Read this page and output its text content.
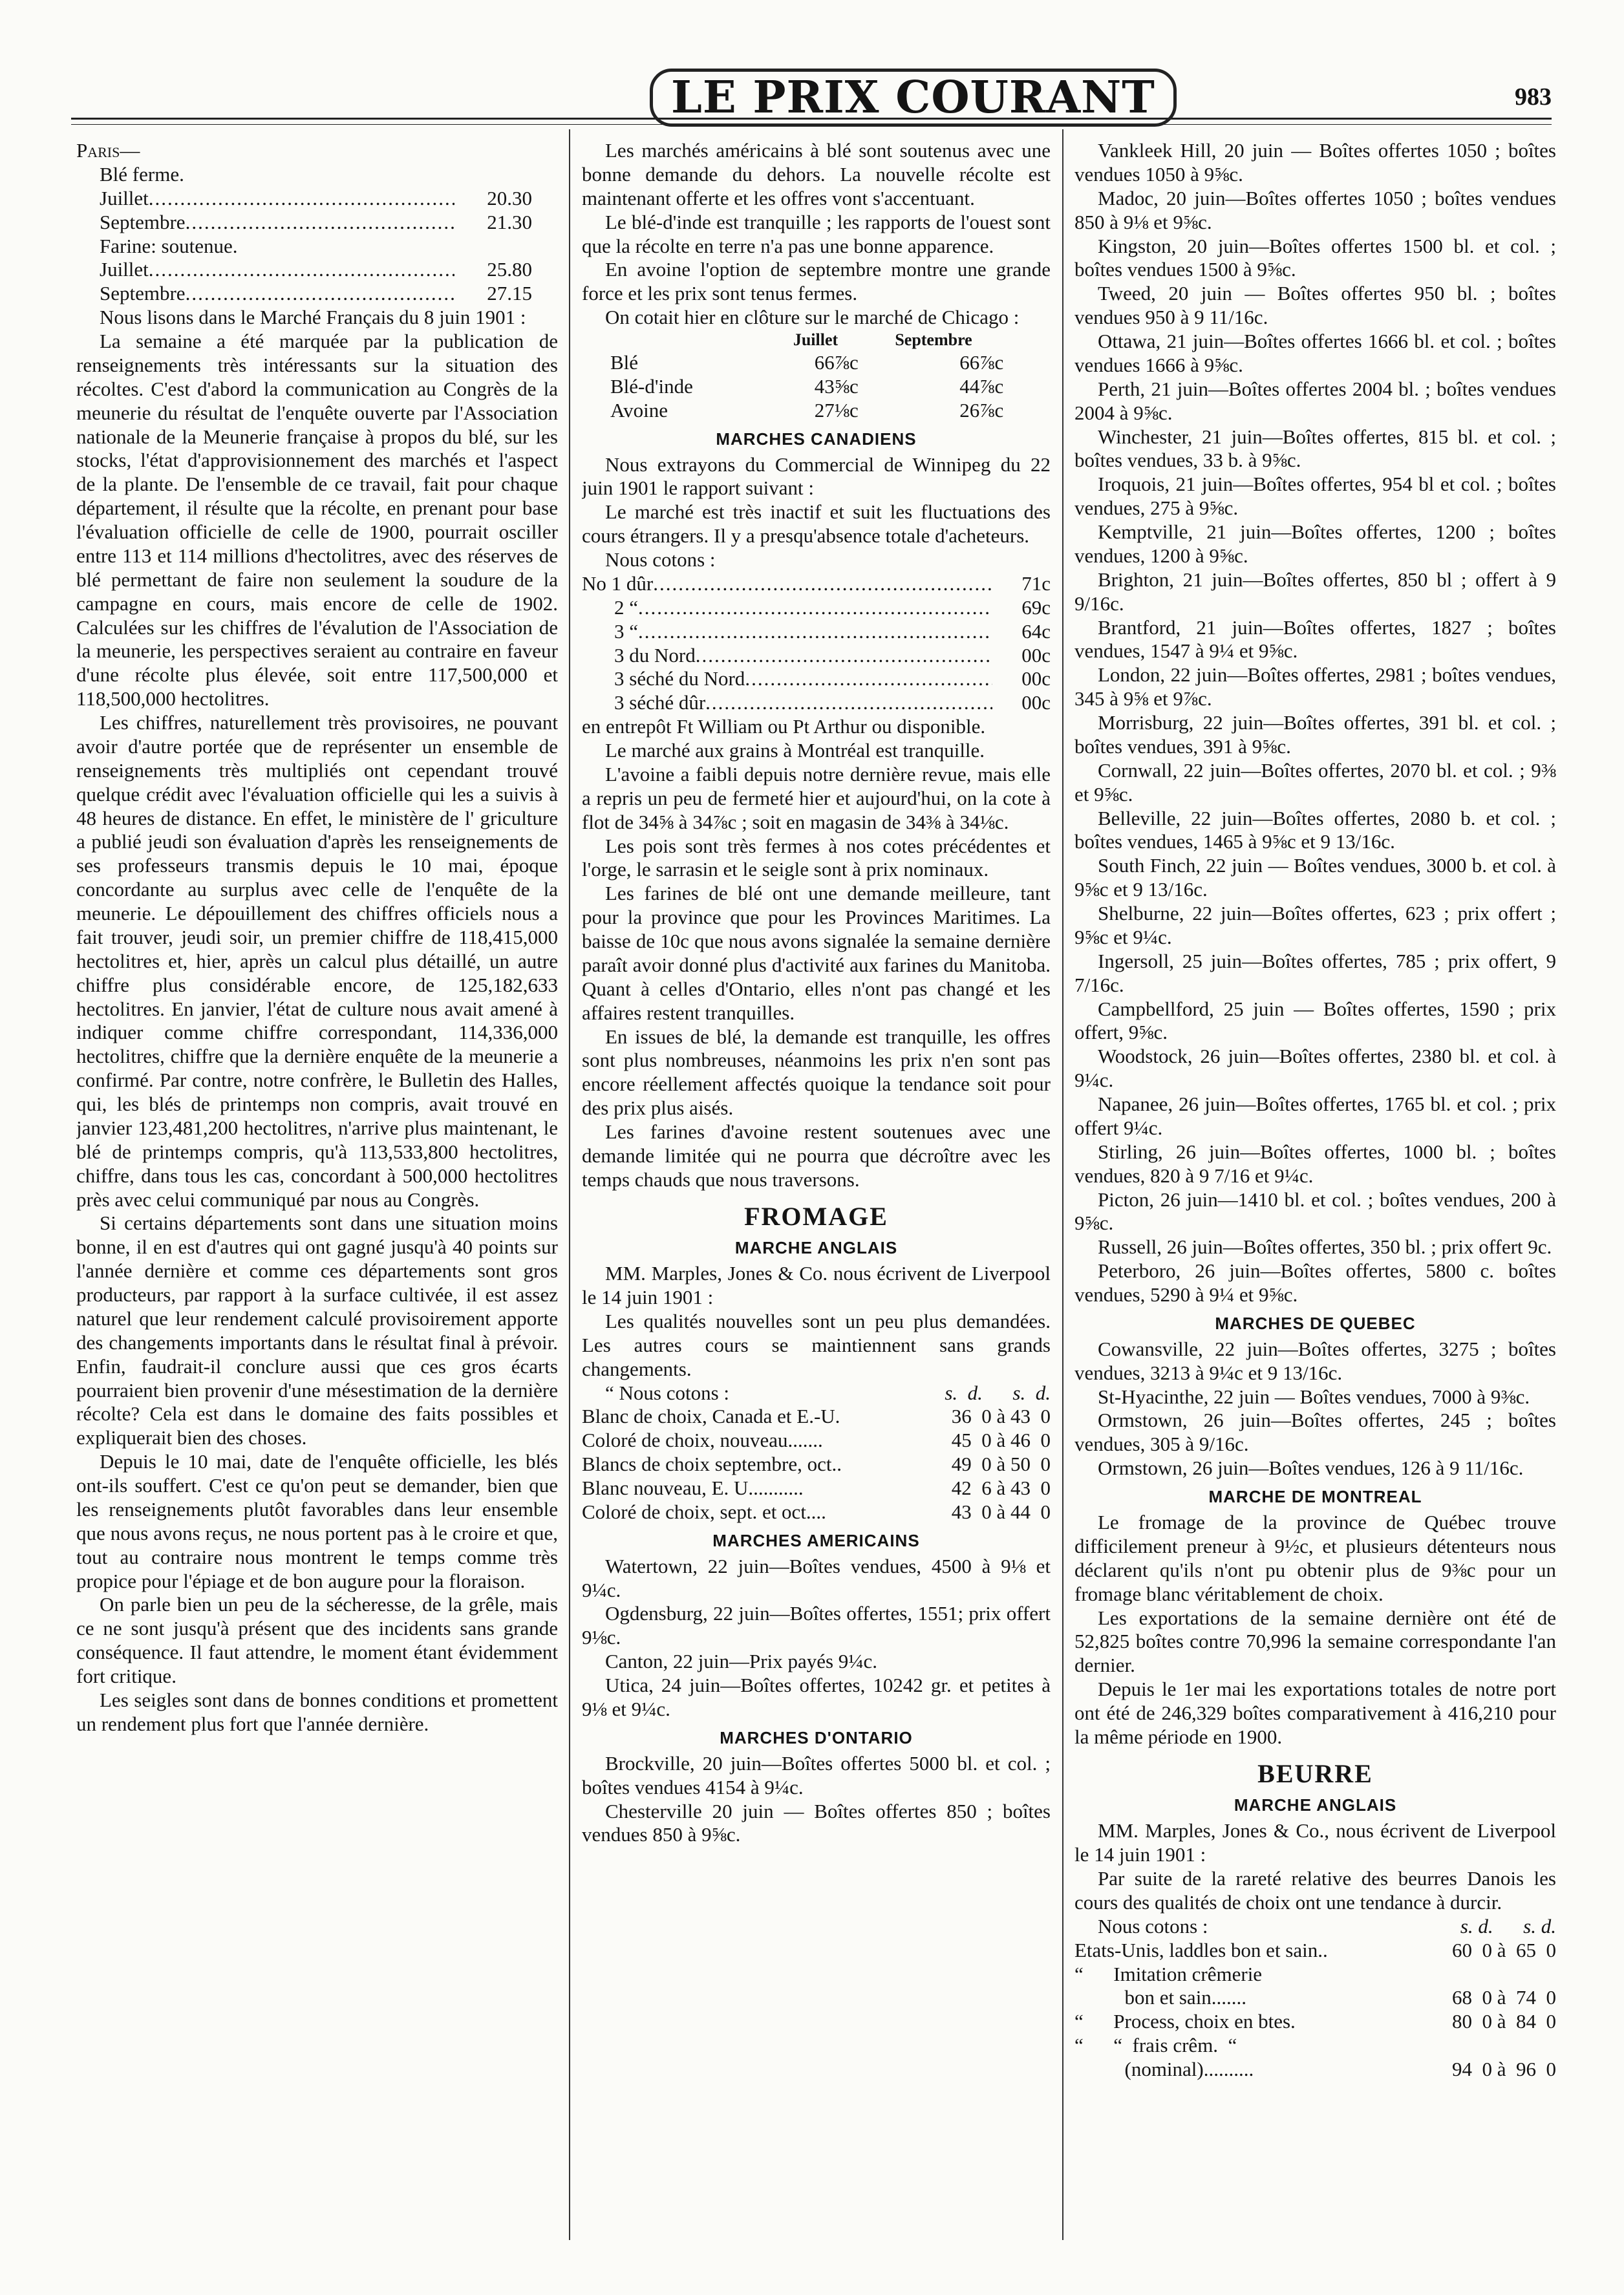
LE PRIX COURANT	983

Paris—

Blé ferme.

Juillet .....	20.30
Septembre .....	21.30

Farine: soutenue.

Juillet .....	25.80
Septembre .....	27.15

Nous lisons dans le Marché Français du 8 juin 1901 :

La semaine a été marquée par la publication de renseignements très intéressants sur la situation des récoltes. C'est d'abord la communication au Congrès de la meunerie du résultat de l'enquête ouverte par l'Association nationale de la Meunerie française à propos du blé, sur les stocks, l'état d'approvisionnement des marchés et l'aspect de la plante. De l'ensemble de ce travail, fait pour chaque département, il résulte que la récolte, en prenant pour base l'évaluation officielle de celle de 1900, pourrait osciller entre 113 et 114 millions d'hectolitres, avec des réserves de blé permettant de faire non seulement la soudure de la campagne en cours, mais encore de celle de 1902. Calculées sur les chiffres de l'évalution de l'Association de la meunerie, les perspectives seraient au contraire en faveur d'une récolte plus élevée, soit entre 117,500,000 et 118,500,000 hectolitres.

Les chiffres, naturellement très provisoires, ne pouvant avoir d'autre portée que de représenter un ensemble de renseignements très multipliés ont cependant trouvé quelque crédit avec l'évaluation officielle qui les a suivis à 48 heures de distance. En effet, le ministère de l' griculture a publié jeudi son évaluation d'après les renseignements de ses professeurs transmis depuis le 10 mai, époque concordante au surplus avec celle de l'enquête de la meunerie. Le dépouillement des chiffres officiels nous a fait trouver, jeudi soir, un premier chiffre de 118,415,000 hectolitres et, hier, après un calcul plus détaillé, un autre chiffre plus considérable encore, de 125,182,633 hectolitres. En janvier, l'état de culture nous avait amené à indiquer comme chiffre correspondant, 114,336,000 hectolitres, chiffre que la dernière enquête de la meunerie a confirmé. Par contre, notre confrère, le Bulletin des Halles, qui, les blés de printemps non compris, avait trouvé en janvier 123,481,200 hectolitres, n'arrive plus maintenant, le blé de printemps compris, qu'à 113,533,800 hectolitres, chiffre, dans tous les cas, concordant à 500,000 hectolitres près avec celui communiqué par nous au Congrès.

Si certains départements sont dans une situation moins bonne, il en est d'autres qui ont gagné jusqu'à 40 points sur l'année dernière et comme ces départements sont gros producteurs, par rapport à la surface cultivée, il est assez naturel que leur rendement calculé provisoirement apporte des changements importants dans le résultat final à prévoir. Enfin, faudrait-il conclure aussi que ces gros écarts pourraient bien provenir d'une mésestimation de la dernière récolte? Cela est dans le domaine des faits possibles et expliquerait bien des choses.

Depuis le 10 mai, date de l'enquête officielle, les blés ont-ils souffert. C'est ce qu'on peut se demander, bien que les renseignements plutôt favorables dans leur ensemble que nous avons reçus, ne nous portent pas à le croire et que, tout au contraire nous montrent le temps comme très propice pour l'épiage et de bon augure pour la floraison.

On parle bien un peu de la sécheresse, de la grêle, mais ce ne sont jusqu'à présent que des incidents sans grande conséquence. Il faut attendre, le moment étant évidemment fort critique.

Les seigles sont dans de bonnes conditions et promettent un rendement plus fort que l'année dernière.

Les marchés américains à blé sont soutenus avec une bonne demande du dehors. La nouvelle récolte est maintenant offerte et les offres vont s'accentuant.

Le blé-d'inde est tranquille ; les rapports de l'ouest sont que la récolte en terre n'a pas une bonne apparence.

En avoine l'option de septembre montre une grande force et les prix sont tenus fermes.

On cotait hier en clôture sur le marché de Chicago :

	Juillet	Septembre
Blé	66⅞c	66⅞c
Blé-d'inde	43⅝c	44⅞c
Avoine	27⅛c	26⅞c
MARCHES CANADIENS

Nous extrayons du Commercial de Winnipeg du 22 juin 1901 le rapport suivant :

Le marché est très inactif et suit les fluctuations des cours étrangers. Il y a presqu'absence totale d'acheteurs.

Nous cotons :

No 1 dûr .....	71c
2 “ .....	69c
3 “ .....	64c
3 du Nord .....	00c
3 séché du Nord .....	00c
3 séché dûr .....	00c

en entrepôt Ft William ou Pt Arthur ou disponible.

Le marché aux grains à Montréal est tranquille.

L'avoine a faibli depuis notre dernière revue, mais elle a repris un peu de fermeté hier et aujourd'hui, on la cote à flot de 34⅝ à 34⅞c ; soit en magasin de 34⅜ à 34⅛c.

Les pois sont très fermes à nos cotes précédentes et l'orge, le sarrasin et le seigle sont à prix nominaux.

Les farines de blé ont une demande meilleure, tant pour la province que pour les Provinces Maritimes. La baisse de 10c que nous avons signalée la semaine dernière paraît avoir donné plus d'activité aux farines du Manitoba. Quant à celles d'Ontario, elles n'ont pas changé et les affaires restent tranquilles.

En issues de blé, la demande est tranquille, les offres sont plus nombreuses, néanmoins les prix n'en sont pas encore réellement affectés quoique la tendance soit pour des prix plus aisés.

Les farines d'avoine restent soutenues avec une demande limitée qui ne pourra que décroître avec les temps chauds que nous traversons.

FROMAGE
MARCHE ANGLAIS

MM. Marples, Jones & Co. nous écrivent de Liverpool le 14 juin 1901 :

Les qualités nouvelles sont un peu plus demandées. Les autres cours se maintiennent sans grands changements.

“ Nous cotons :	s.  d.      s.  d.
Blanc de choix, Canada et E.-U.	36  0 à 43  0
Coloré de choix, nouveau.......	45  0 à 46  0
Blancs de choix septembre, oct..	49  0 à 50  0
Blanc nouveau, E. U...........	42  6 à 43  0
Coloré de choix, sept. et oct....	43  0 à 44  0
MARCHES AMERICAINS

Watertown, 22 juin—Boîtes vendues, 4500 à 9⅛ et 9¼c.

Ogdensburg, 22 juin—Boîtes offertes, 1551; prix offert 9⅛c.

Canton, 22 juin—Prix payés 9¼c.

Utica, 24 juin—Boîtes offertes, 10242 gr. et petites à 9⅛ et 9¼c.

MARCHES D'ONTARIO

Brockville, 20 juin—Boîtes offertes 5000 bl. et col. ; boîtes vendues 4154 à 9¼c.

Chesterville 20 juin — Boîtes offertes 850 ; boîtes vendues 850 à 9⅝c.

Vankleek Hill, 20 juin — Boîtes offertes 1050 ; boîtes vendues 1050 à 9⅝c.

Madoc, 20 juin—Boîtes offertes 1050 ; boîtes vendues 850 à 9⅛ et 9⅝c.

Kingston, 20 juin—Boîtes offertes 1500 bl. et col. ; boîtes vendues 1500 à 9⅝c.

Tweed, 20 juin — Boîtes offertes 950 bl. ; boîtes vendues 950 à 9 11/16c.

Ottawa, 21 juin—Boîtes offertes 1666 bl. et col. ; boîtes vendues 1666 à 9⅝c.

Perth, 21 juin—Boîtes offertes 2004 bl. ; boîtes vendues 2004 à 9⅝c.

Winchester, 21 juin—Boîtes offertes, 815 bl. et col. ; boîtes vendues, 33 b. à 9⅝c.

Iroquois, 21 juin—Boîtes offertes, 954 bl et col. ; boîtes vendues, 275 à 9⅝c.

Kemptville, 21 juin—Boîtes offertes, 1200 ; boîtes vendues, 1200 à 9⅝c.

Brighton, 21 juin—Boîtes offertes, 850 bl ; offert à 9 9/16c.

Brantford, 21 juin—Boîtes offertes, 1827 ; boîtes vendues, 1547 à 9¼ et 9⅝c.

London, 22 juin—Boîtes offertes, 2981 ; boîtes vendues, 345 à 9⅝ et 9⅞c.

Morrisburg, 22 juin—Boîtes offertes, 391 bl. et col. ; boîtes vendues, 391 à 9⅝c.

Cornwall, 22 juin—Boîtes offertes, 2070 bl. et col. ; 9⅜ et 9⅝c.

Belleville, 22 juin—Boîtes offertes, 2080 b. et col. ; boîtes vendues, 1465 à 9⅝c et 9 13/16c.

South Finch, 22 juin — Boîtes vendues, 3000 b. et col. à 9⅝c et 9 13/16c.

Shelburne, 22 juin—Boîtes offertes, 623 ; prix offert ; 9⅝c et 9¼c.

Ingersoll, 25 juin—Boîtes offertes, 785 ; prix offert, 9 7/16c.

Campbellford, 25 juin — Boîtes offertes, 1590 ; prix offert, 9⅝c.

Woodstock, 26 juin—Boîtes offertes, 2380 bl. et col. à 9¼c.

Napanee, 26 juin—Boîtes offertes, 1765 bl. et col. ; prix offert 9¼c.

Stirling, 26 juin—Boîtes offertes, 1000 bl. ; boîtes vendues, 820 à 9 7/16 et 9¼c.

Picton, 26 juin—1410 bl. et col. ; boîtes vendues, 200 à 9⅝c.

Russell, 26 juin—Boîtes offertes, 350 bl. ; prix offert 9c.

Peterboro, 26 juin—Boîtes offertes, 5800 c. boîtes vendues, 5290 à 9¼ et 9⅝c.

MARCHES DE QUEBEC

Cowansville, 22 juin—Boîtes offertes, 3275 ; boîtes vendues, 3213 à 9¼c et 9 13/16c.

St-Hyacinthe, 22 juin — Boîtes vendues, 7000 à 9⅜c.

Ormstown, 26 juin—Boîtes offertes, 245 ; boîtes vendues, 305 à 9/16c.

Ormstown, 26 juin—Boîtes vendues, 126 à 9 11/16c.

MARCHE DE MONTREAL

Le fromage de la province de Québec trouve difficilement preneur à 9½c, et plusieurs détenteurs nous déclarent qu'ils n'ont pu obtenir plus de 9⅜c pour un fromage blanc véritablement de choix.

Les exportations de la semaine dernière ont été de 52,825 boîtes contre 70,996 la semaine correspondante l'an dernier.

Depuis le 1er mai les exportations totales de notre port ont été de 246,329 boîtes comparativement à 416,210 pour la même période en 1900.

BEURRE
MARCHE ANGLAIS

MM. Marples, Jones & Co., nous écrivent de Liverpool le 14 juin 1901 :

Par suite de la rareté relative des beurres Danois les cours des qualités de choix ont une tendance à durcir.

Nous cotons :	s. d.      s. d.
Etats-Unis, laddles bon et sain..	60  0 à  65  0
“      Imitation crêmerie
bon et sain.......	68  0 à  74  0
“      Process, choix en btes.	80  0 à  84  0
“      “  frais crêm.  “
(nominal)..........	94  0 à  96  0
